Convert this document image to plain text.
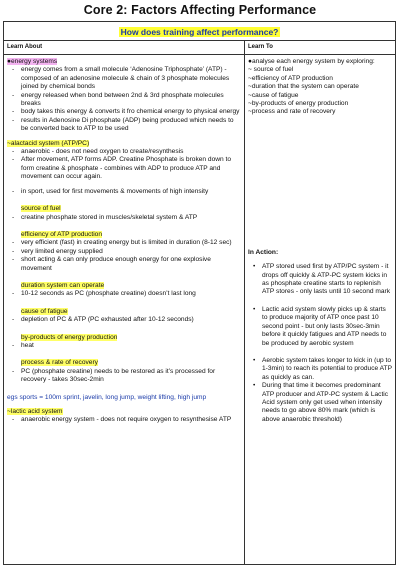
Core 2: Factors Affecting Performance
How does training affect performance?
Learn About	Learn To
●energy systems
- energy comes from a small molecule ‘Adenosine Triphosphate’ (ATP) - composed of an adenosine molecule & chain of 3 phosphate molecules joined by chemical bonds
- energy released when bond between 2nd & 3rd phosphate molecules breaks
- body takes this energy & converts it fro chemical energy to physical energy
- results in Adenosine Di phosphate (ADP) being produced which needs to be converted back to ATP to be used
~alactacid system (ATP/PC)
- anaerobic - does not need oxygen to create/resynthesis
- After movement, ATP forms ADP. Creatine Phosphate is broken down to form creatine & phosphate - combines with ADP to produce ATP and movement can occur again.
- in sport, used for first movements & movements of high intensity
source of fuel
- creatine phosphate stored in muscles/skeletal system & ATP
efficiency of ATP production
- very efficient (fast) in creating energy but is limited in duration (8-12 sec)
- very limited energy supplied
- short acting & can only produce enough energy for one explosive movement
duration system can operate
- 10-12 seconds as PC (phosphate creatine) doesn’t last long
cause of fatigue
- depletion of PC & ATP (PC exhausted after 10-12 seconds)
by-products of energy production
- heat
process & rate of recovery
- PC (phosphate creatine) needs to be restored as it’s processed for recovery - takes 30sec-2min
egs sports = 100m sprint, javelin, long jump, weight lifting, high jump
~lactic acid system
- anaerobic energy system - does not require oxygen to resynthesise ATP
●analyse each energy system by exploring:
~ source of fuel
~efficiency of ATP production
~duration that the system can operate
~cause of fatigue
~by-products of energy production
~process and rate of recovery
In Action:
• ATP stored used first by ATP/PC system - it drops off quickly & ATP-PC system kicks in as phosphate creatine starts to replenish ATP stores - only lasts until 10 second mark
• Lactic acid system slowly picks up & starts to produce majority of ATP once past 10 second point - but only lasts 30sec-3min before it quickly fatigues and ATP needs to be produced by aerobic system
• Aerobic system takes longer to kick in (up to 1-3min) to reach its potential to produce ATP as quickly as can.
• During that time it becomes predominant ATP producer and ATP-PC system & Lactic Acid system only get used when intensity needs to go above 80% mark (which is above anaerobic threshold)
